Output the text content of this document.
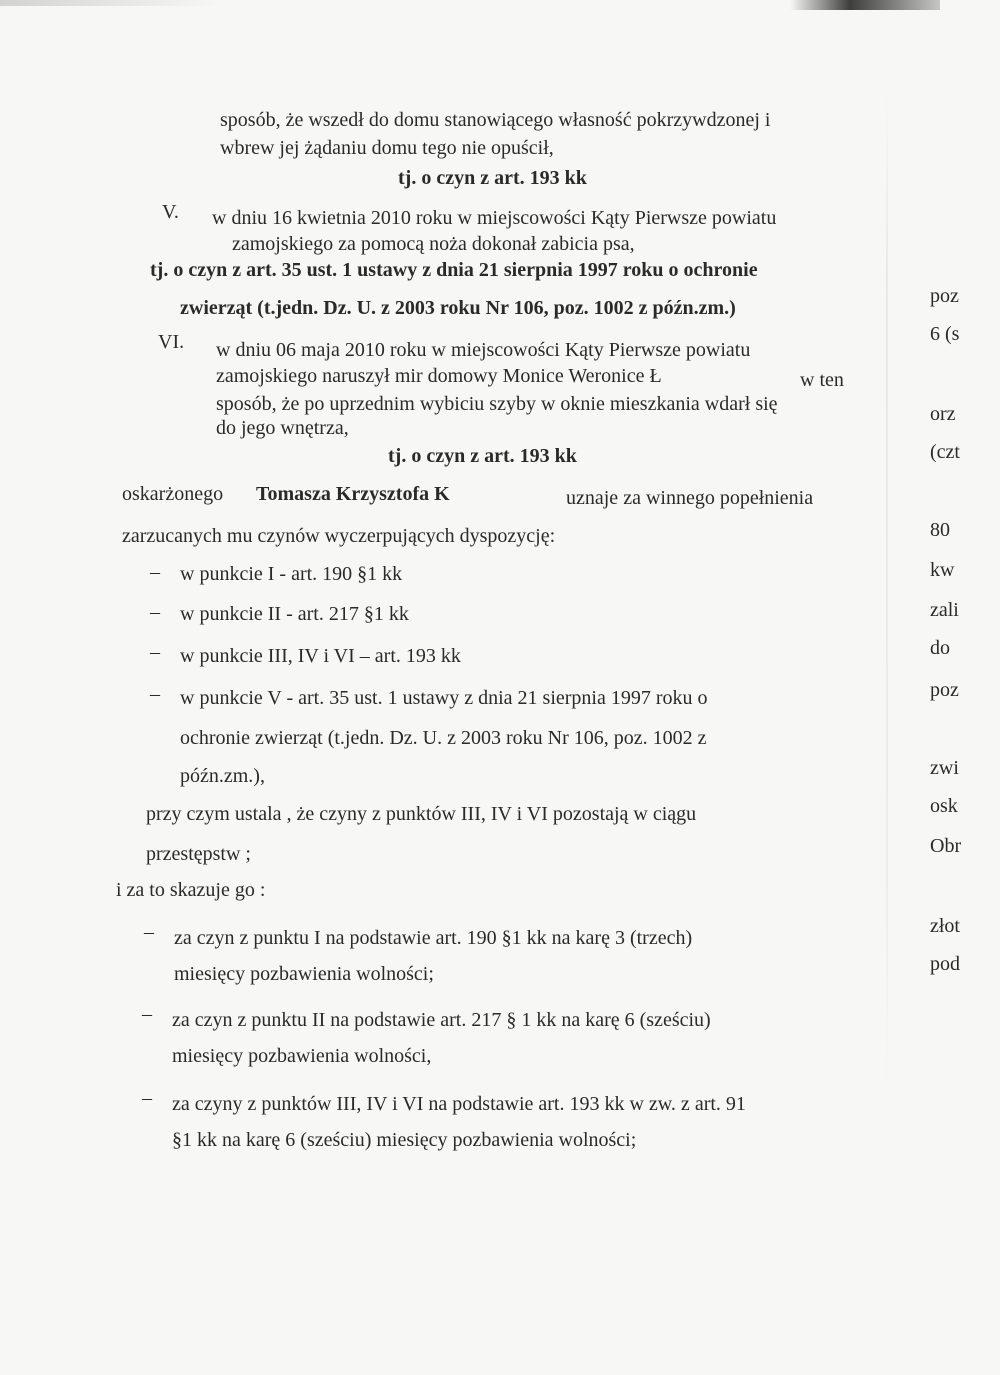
sposób, że wszedł do domu stanowiącego własność pokrzywdzonej i
wbrew jej żądaniu domu tego nie opuścił,
tj. o czyn z art. 193 kk
V. w dniu 16 kwietnia 2010 roku w miejscowości Kąty Pierwsze powiatu
zamojskiego za pomocą noża dokonał zabicia psa,
tj. o czyn z art. 35 ust. 1 ustawy z dnia 21 sierpnia 1997 roku o ochronie
zwierząt (t.jedn. Dz. U. z 2003 roku Nr 106, poz. 1002 z późn.zm.)
VI. w dniu 06 maja 2010 roku w miejscowości Kąty Pierwsze powiatu
zamojskiego naruszył mir domowy Monice Weronice Ł	w ten
sposób, że po uprzednim wybiciu szyby w oknie mieszkania wdarł się
do jego wnętrza,
tj. o czyn z art. 193 kk
oskarżonego Tomasza Krzysztofa K	uznaje za winnego popełnienia
zarzucanych mu czynów wyczerpujących dyspozycję:
– w punkcie I - art. 190 §1 kk
– w punkcie II - art. 217 §1 kk
– w punkcie III, IV i VI – art. 193 kk
– w punkcie V - art. 35 ust. 1 ustawy z dnia 21 sierpnia 1997 roku o
ochronie zwierząt (t.jedn. Dz. U. z 2003 roku Nr 106, poz. 1002 z
późn.zm.),
przy czym ustala , że czyny z punktów III, IV i VI pozostają w ciągu
przestępstw ;
i za to skazuje go :
– za czyn z punktu I na podstawie art. 190 §1 kk na karę 3 (trzech)
miesięcy pozbawienia wolności;
– za czyn z punktu II na podstawie art. 217 § 1 kk na karę 6 (sześciu)
miesięcy pozbawienia wolności,
– za czyny z punktów III, IV i VI na podstawie art. 193 kk w zw. z art. 91
§1 kk na karę 6 (sześciu) miesięcy pozbawienia wolności;
poz
6 (s
orz
(czt
80
kw
zali
do
poz
zwi
osk
Obr
złot
pod
